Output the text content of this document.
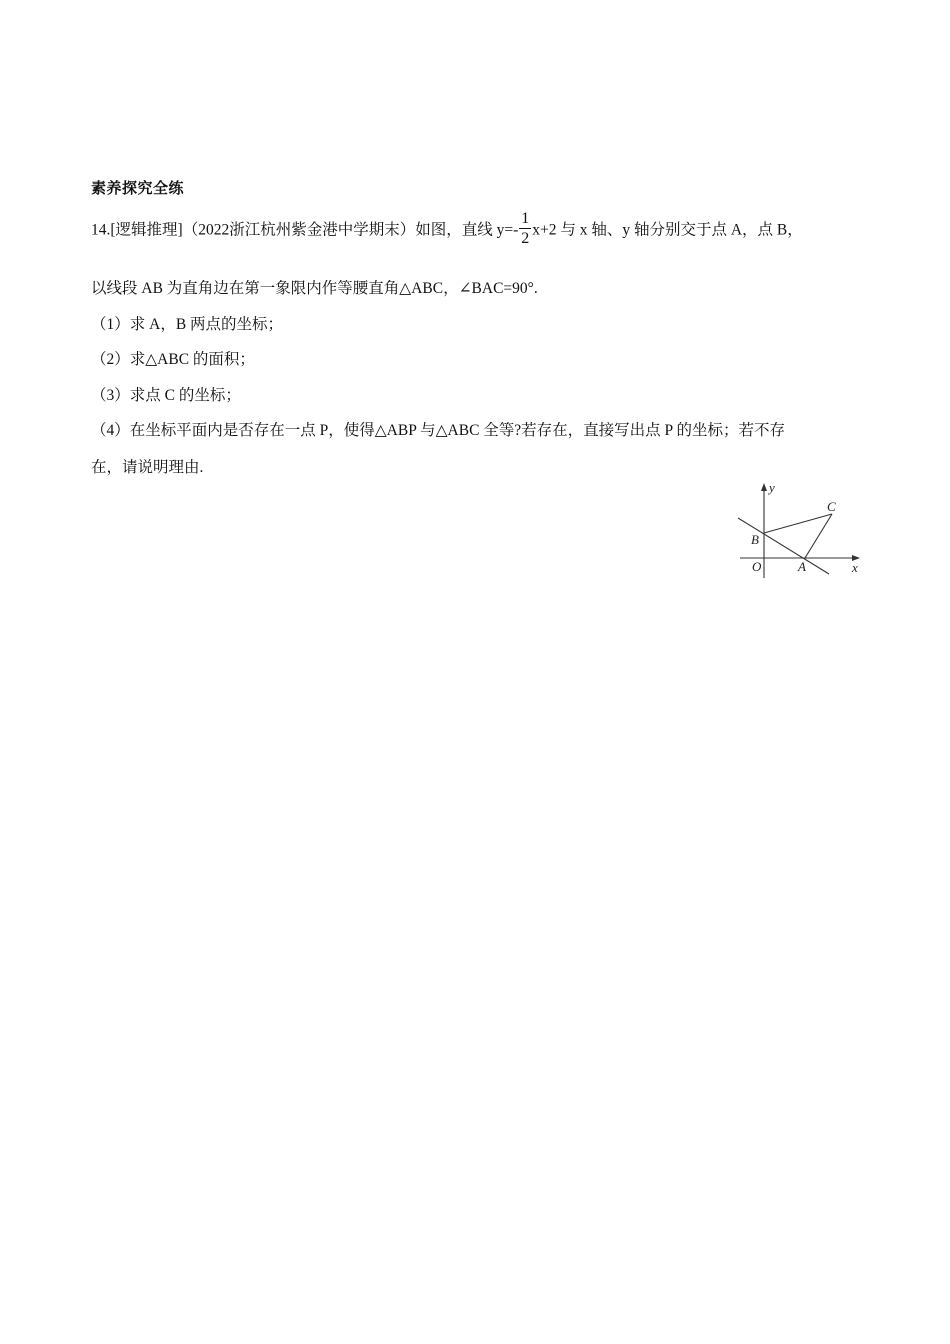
素养探究全练
14.[逻辑推理]（2022浙江杭州紫金港中学期末）如图，直线 $y=- \frac{1}{2} x+2$ 与 x 轴、y 轴分别交于点 A，点 B，
以线段 AB 为直角边在第一象限内作等腰直角△ABC，∠BAC=90°.
（1）求 A，B 两点的坐标；
（2）求△ABC 的面积；
（3）求点 C 的坐标；
（4）在坐标平面内是否存在一点 P，使得△ABP 与△ABC 全等?若存在，直接写出点 P 的坐标；若不存
在，请说明理由.
y
x
O	A
B
C
